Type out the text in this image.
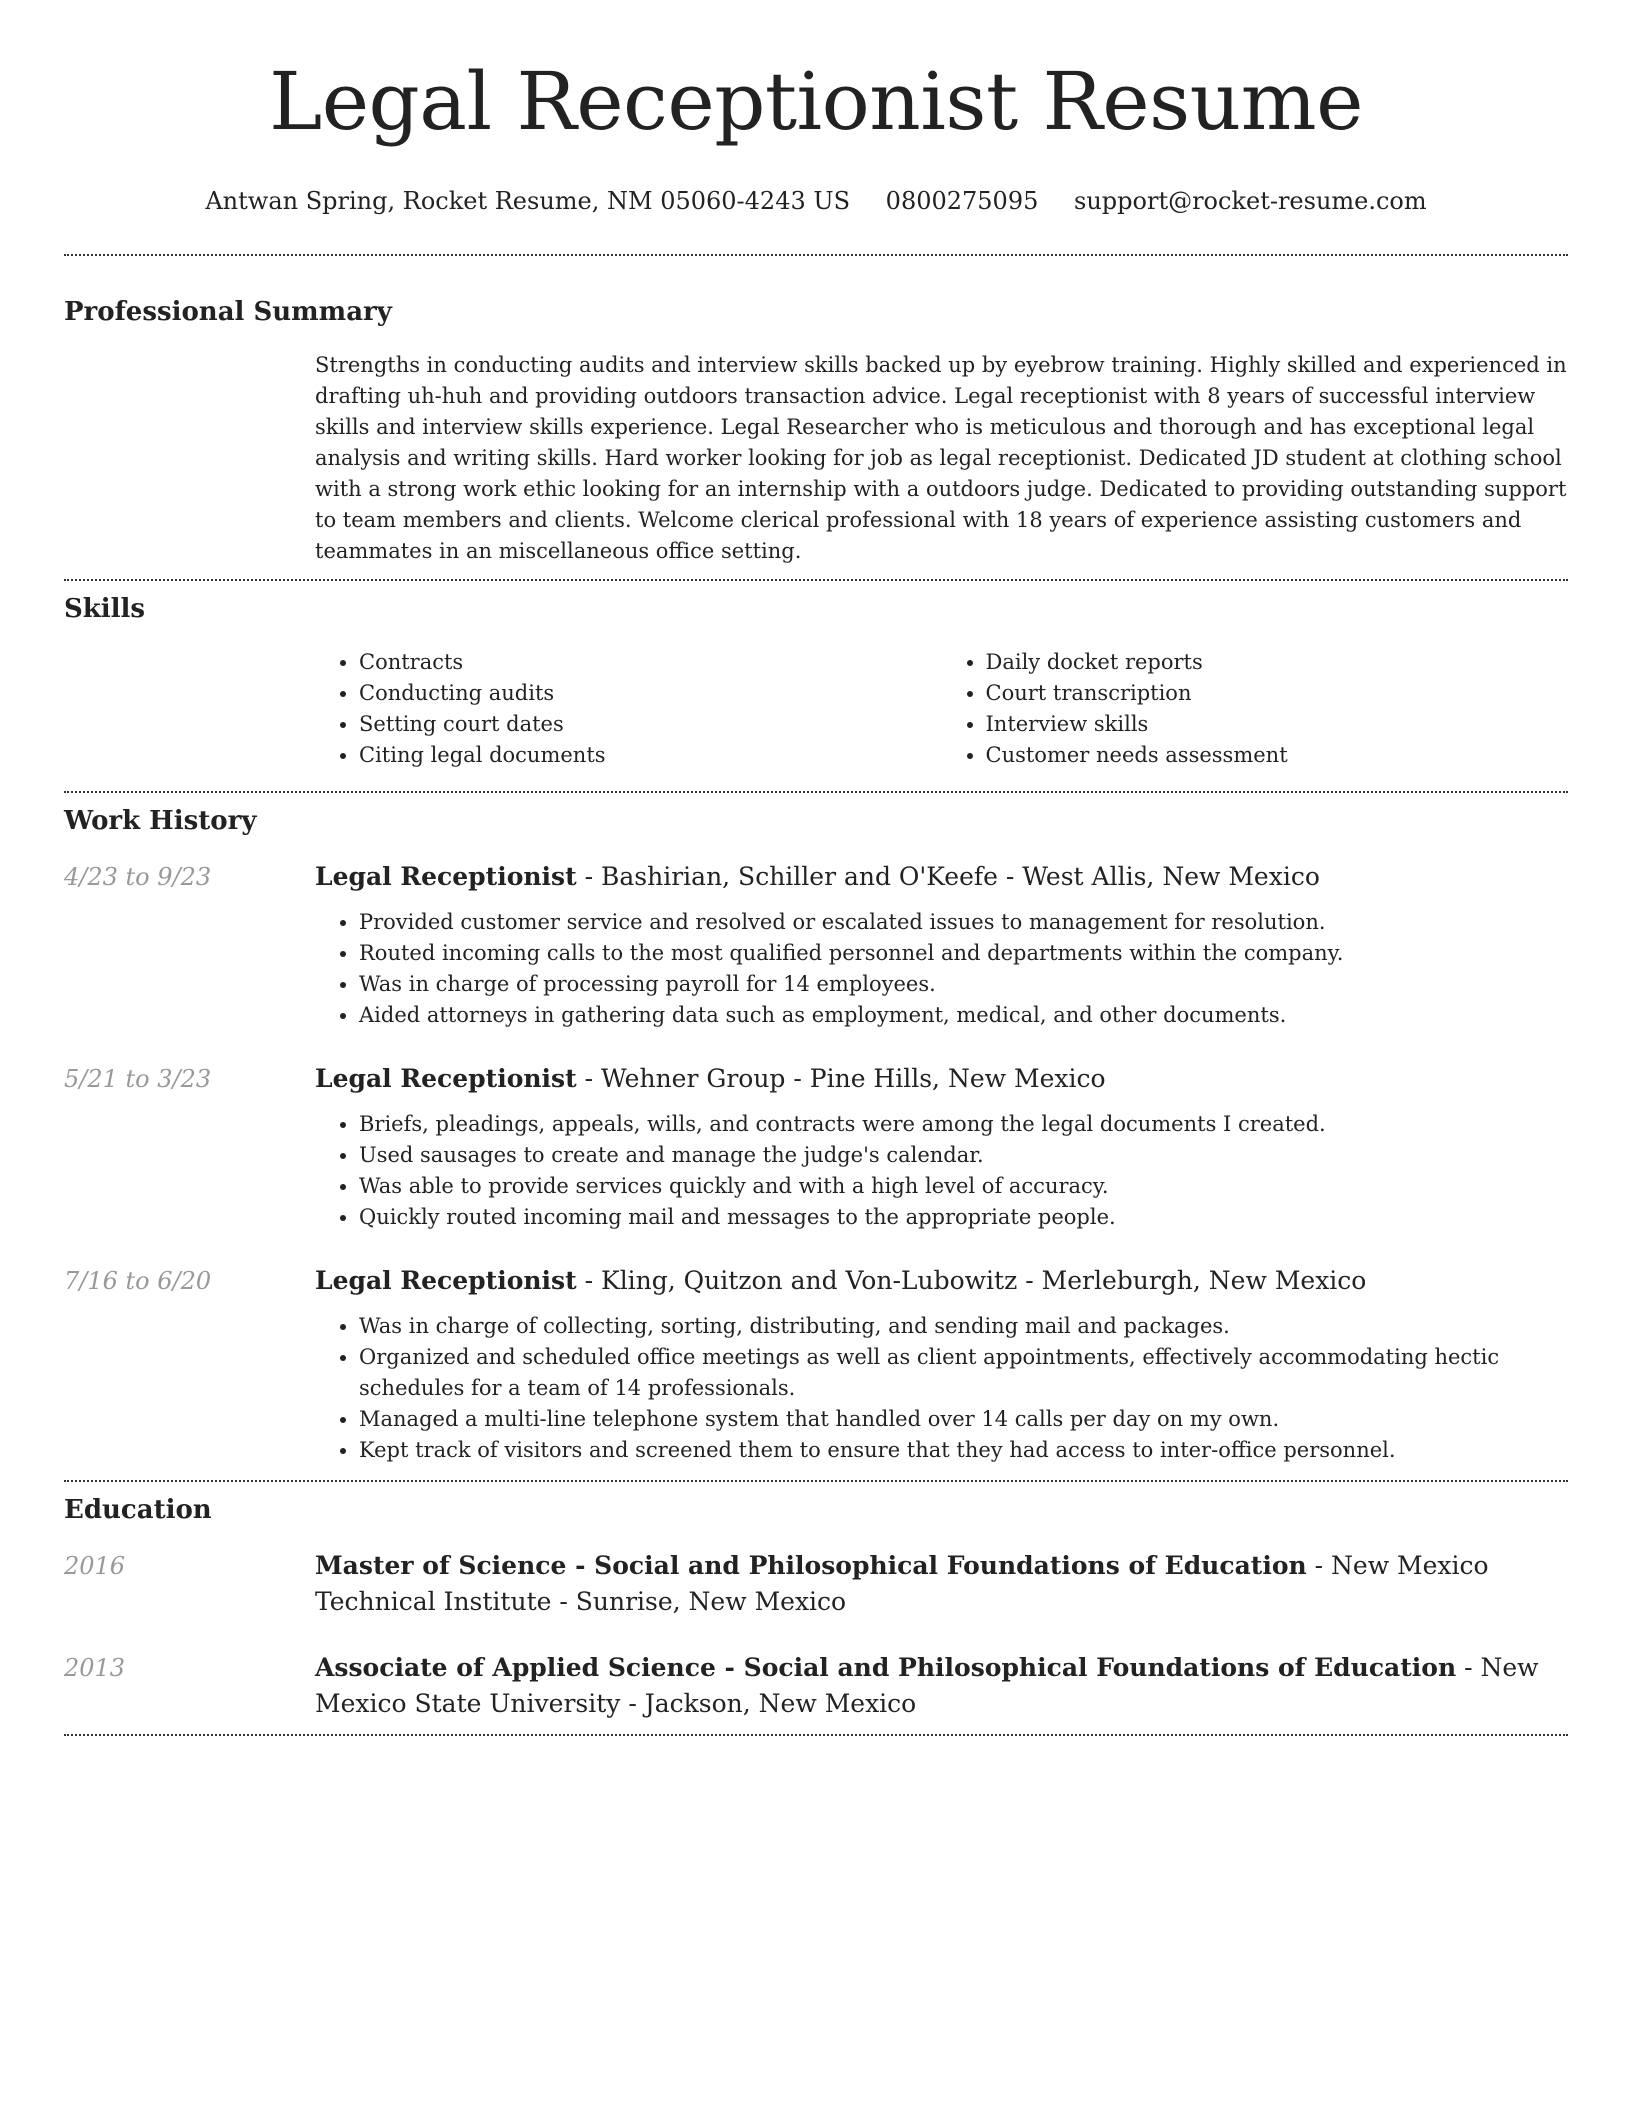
Legal Receptionist Resume
Antwan Spring, Rocket Resume, NM 05060-4243 US 0800275095 support@rocket-resume.com
Professional Summary

Strengths in conducting audits and interview skills backed up by eyebrow training. Highly skilled and experienced in drafting uh-huh and providing outdoors transaction advice. Legal receptionist with 8 years of successful interview skills and interview skills experience. Legal Researcher who is meticulous and thorough and has exceptional legal analysis and writing skills. Hard worker looking for job as legal receptionist. Dedicated JD student at clothing school with a strong work ethic looking for an internship with a outdoors judge. Dedicated to providing outstanding support to team members and clients. Welcome clerical professional with 18 years of experience assisting customers and teammates in an miscellaneous office setting.

Skills
• Contracts
• Conducting audits
• Setting court dates
• Citing legal documents
• Daily docket reports
• Court transcription
• Interview skills
• Customer needs assessment
Work History
4/23 to 9/23	Legal Receptionist - Bashirian, Schiller and O'Keefe - West Allis, New Mexico
• Provided customer service and resolved or escalated issues to management for resolution.
• Routed incoming calls to the most qualified personnel and departments within the company.
• Was in charge of processing payroll for 14 employees.
• Aided attorneys in gathering data such as employment, medical, and other documents.
5/21 to 3/23	Legal Receptionist - Wehner Group - Pine Hills, New Mexico
• Briefs, pleadings, appeals, wills, and contracts were among the legal documents I created.
• Used sausages to create and manage the judge's calendar.
• Was able to provide services quickly and with a high level of accuracy.
• Quickly routed incoming mail and messages to the appropriate people.
7/16 to 6/20	Legal Receptionist - Kling, Quitzon and Von-Lubowitz - Merleburgh, New Mexico
• Was in charge of collecting, sorting, distributing, and sending mail and packages.
• Organized and scheduled office meetings as well as client appointments, effectively accommodating hectic schedules for a team of 14 professionals.
• Managed a multi-line telephone system that handled over 14 calls per day on my own.
• Kept track of visitors and screened them to ensure that they had access to inter-office personnel.
Education
2016	Master of Science - Social and Philosophical Foundations of Education - New Mexico Technical Institute - Sunrise, New Mexico
2013	Associate of Applied Science - Social and Philosophical Foundations of Education - New Mexico State University - Jackson, New Mexico
